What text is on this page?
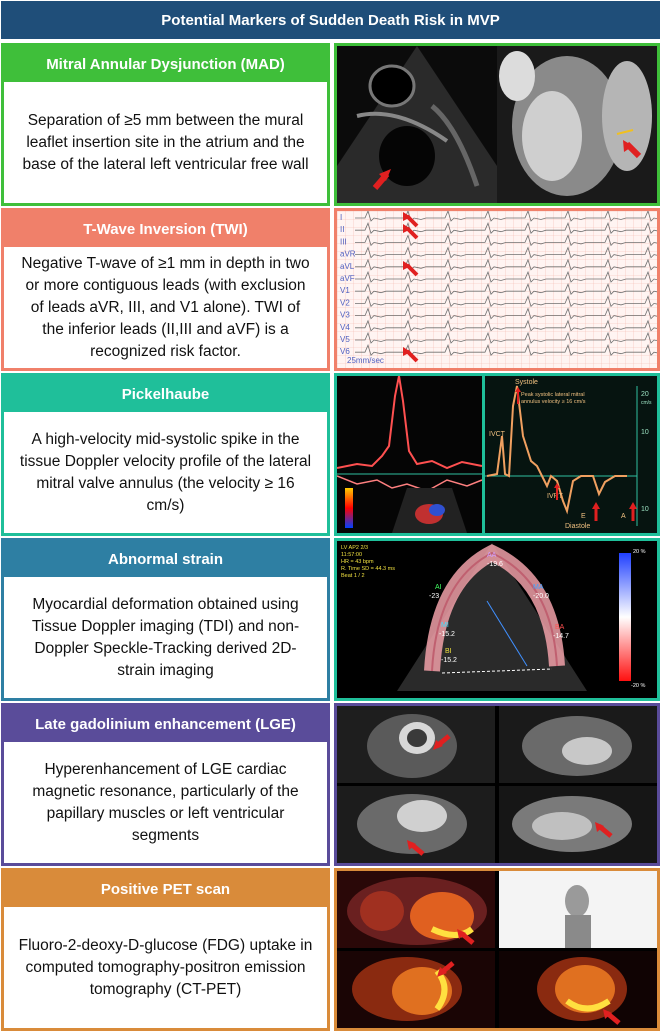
Potential Markers of Sudden Death Risk in MVP
Mitral Annular Dysjunction (MAD)
Separation of ≥5 mm between the mural leaflet insertion site in the atrium and the base of the lateral left ventricular free wall
T-Wave Inversion (TWI)
Negative T-wave of ≥1 mm in depth in two or more contiguous leads (with exclusion of leads aVR, III, and V1 alone). TWI of the inferior leads (II,III and aVF) is a recognized risk factor.
I
II
III
aVR
aVL
aVF
V1
V2
V3
V4
V5
V6
25mm/sec
Pickelhaube
A high-velocity mid-systolic spike in the tissue Doppler velocity profile of the lateral mitral valve annulus (the velocity ≥ 16 cm/s)
Systole
Peak systolic lateral mitral
annulus velocity ≥ 16 cm/s
IVCT
IVRT
E	A
Diastole
20
cm/s
10
10
Abnormal strain
Myocardial deformation obtained using Tissue Doppler imaging (TDI) and non-Doppler Speckle-Tracking derived 2D-strain imaging
LV AP2 2/3
11:57:00
HR = 43 bpm
R. Time SD = 44.3 ms
Beat 1 / 2
AA
-19.6
AI
-23
MA
-20.0
MI
-15.2
BA
-14.7
BI
-15.2
20 %
-20 %
Late gadolinium enhancement (LGE)
Hyperenhancement of LGE cardiac magnetic resonance, particularly of the papillary muscles or left ventricular segments
Positive PET scan
Fluoro-2-deoxy-D-glucose (FDG) uptake in computed tomography-positron emission tomography (CT-PET)
